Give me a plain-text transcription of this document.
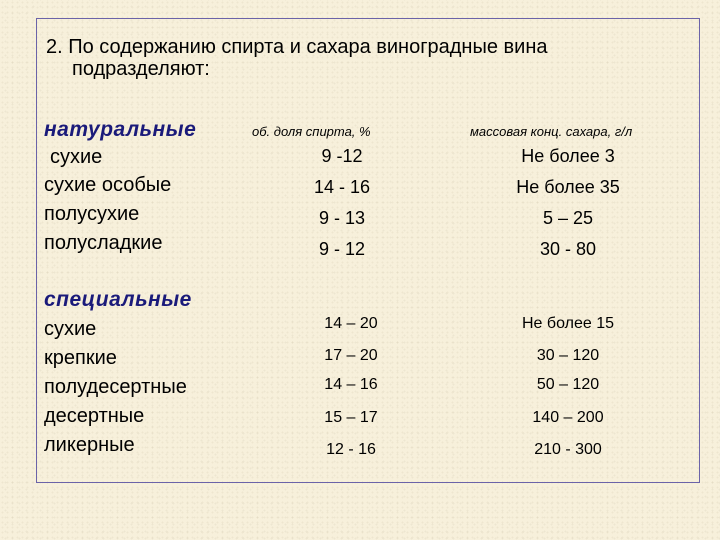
2. По содержанию спирта и сахара виноградные вина
подразделяют:
об. доля спирта, %	массовая конц. сахара, г/л
натуральные
сухие	9 -12	Не более 3
сухие особые	14 - 16	Не более 35
полусухие	9 - 13	5 – 25
полусладкие	9 - 12	30 - 80
специальные
сухие	14 – 20	Не более 15
крепкие	17 – 20	30 – 120
полудесертные	14 – 16	50 – 120
десертные	15 – 17	140 – 200
ликерные	12 - 16	210 - 300
